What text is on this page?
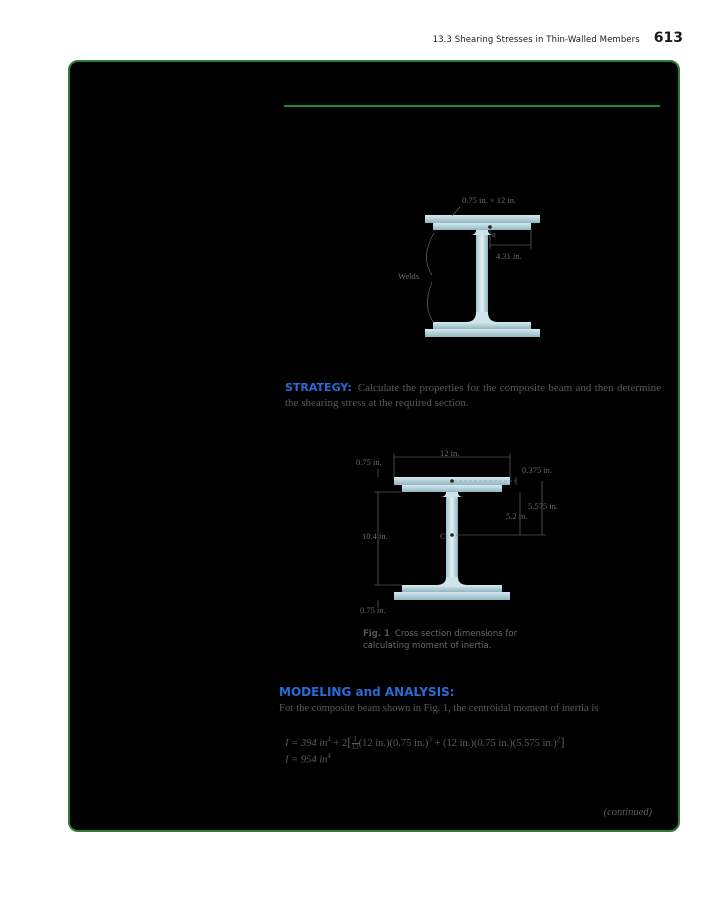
13.3 Shearing Stresses in Thin-Walled Members 613
0.75 in. × 12 in.
a
4.31 in.
Welds
STRATEGY: Calculate the properties for the composite beam and then determine the shearing stress at the required section.
12 in.
0.75 in.
0.375 in.
5.575 in.
5.2 in.
10.4 in.	C
0.75 in.
Fig. 1 Cross section dimensions for calculating moment of inertia.
MODELING and ANALYSIS:
For the composite beam shown in Fig. 1, the centroidal moment of inertia is
I = 394 $in^4 + 2[ \frac{1}{12} (12$ in.)(0.75 in.)$^3$ + (12 in.)(0.75 in.)(5.575 in.)$^2$]
I = 954 $in^4$
(continued)
